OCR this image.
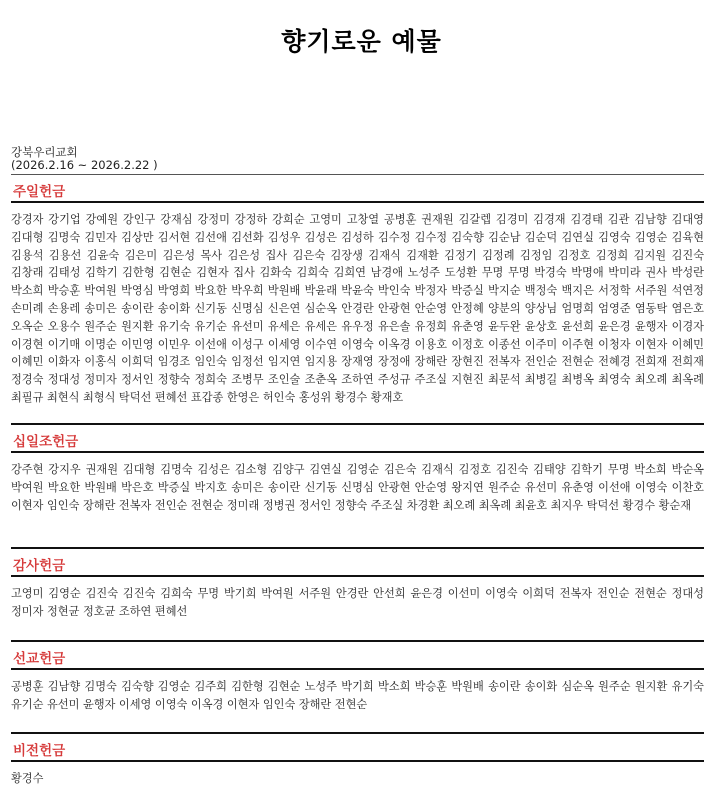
향기로운 예물
강북우리교회
(2026.2.16 ~ 2026.2.22 )
주일헌금
강경자 강기업 강예원 강인구 강재심 강정미 강정하 강희순 고영미 고창열 공병훈 권재원 김갈렙 김경미 김경재 김경태 김관 김남향 김대영 김대형 김명숙 김민자 김상만 김서현 김선애 김선화 김성우 김성은 김성하 김수정 김수정 김숙향 김순남 김순덕 김연실 김영숙 김영순 김육현 김용석 김용선 김윤숙 김은미 김은성 목사 김은성 집사 김은숙 김장생 김재식 김재환 김정기 김정례 김정임 김정호 김정희 김지원 김진숙 김창래 김태성 김학기 김한형 김현순 김현자 집사 김화숙 김희숙 김희연 남경애 노성주 도성환 무명 무명 박경숙 박명애 박미라 권사 박성란 박소희 박승훈 박여원 박영심 박영희 박요한 박우희 박원배 박윤래 박윤숙 박인숙 박정자 박증실 박지순 백정숙 백지은 서정학 서주원 석연정 손미례 손용레 송미은 송이란 송이화 신기동 신명심 신은연 심순옥 안경란 안광현 안순영 안정혜 양분의 양상님 엄명희 엄영준 염동탁 염은호 오옥순 오용수 원주순 원지환 유기숙 유기순 유선미 유세은 유세은 유우정 유은솔 유정희 유춘영 윤두완 윤상호 윤선희 윤은경 윤행자 이경자 이경현 이기매 이명순 이민영 이민우 이선애 이성구 이세영 이수연 이영숙 이옥경 이용호 이정호 이종선 이주미 이주현 이청자 이현자 이혜민 이혜민 이화자 이홍식 이희덕 임경조 임인숙 임정선 임지연 임지용 장재영 장정애 장해란 장현진 전복자 전인순 전현순 전혜경 전희재 전희재 정경숙 정대성 정미자 정서인 정향숙 정희숙 조병무 조인술 조춘옥 조하연 주성규 주조실 지현진 최문석 최병길 최병옥 최영숙 최오례 최옥례 최필규 최현식 최형식 탁덕선 편혜선 표갑종 한영은 허인숙 홍성위 황경수 황재호
십일조헌금
강주현 강지우 권재원 김대형 김명숙 김성은 김소형 김양구 김연실 김영순 김은숙 김재식 김정호 김진숙 김태양 김학기 무명 박소희 박순옥 박여원 박요한 박원배 박은호 박증실 박지호 송미은 송이란 신기동 신명심 안광현 안순영 왕지연 원주순 유선미 유춘영 이선애 이영숙 이찬호 이현자 임인숙 장해란 전복자 전인순 전현순 정미래 정병권 정서인 정향숙 주조실 차경환 최오례 최옥례 최윤호 최지우 탁덕선 황경수 황순재
감사헌금
고영미 김영순 김진숙 김진숙 김희숙 무명 박기희 박여원 서주원 안경란 안선희 윤은경 이선미 이영숙 이희덕 전복자 전인순 전현순 정대성 정미자 정현균 정호균 조하연 편혜선
선교헌금
공병훈 김남향 김명숙 김숙향 김영순 김주희 김한형 김현순 노성주 박기희 박소희 박승훈 박원배 송이란 송이화 심순옥 원주순 원지환 유기숙 유기순 유선미 윤행자 이세영 이영숙 이옥경 이현자 임인숙 장해란 전현순
비전헌금
황경수
